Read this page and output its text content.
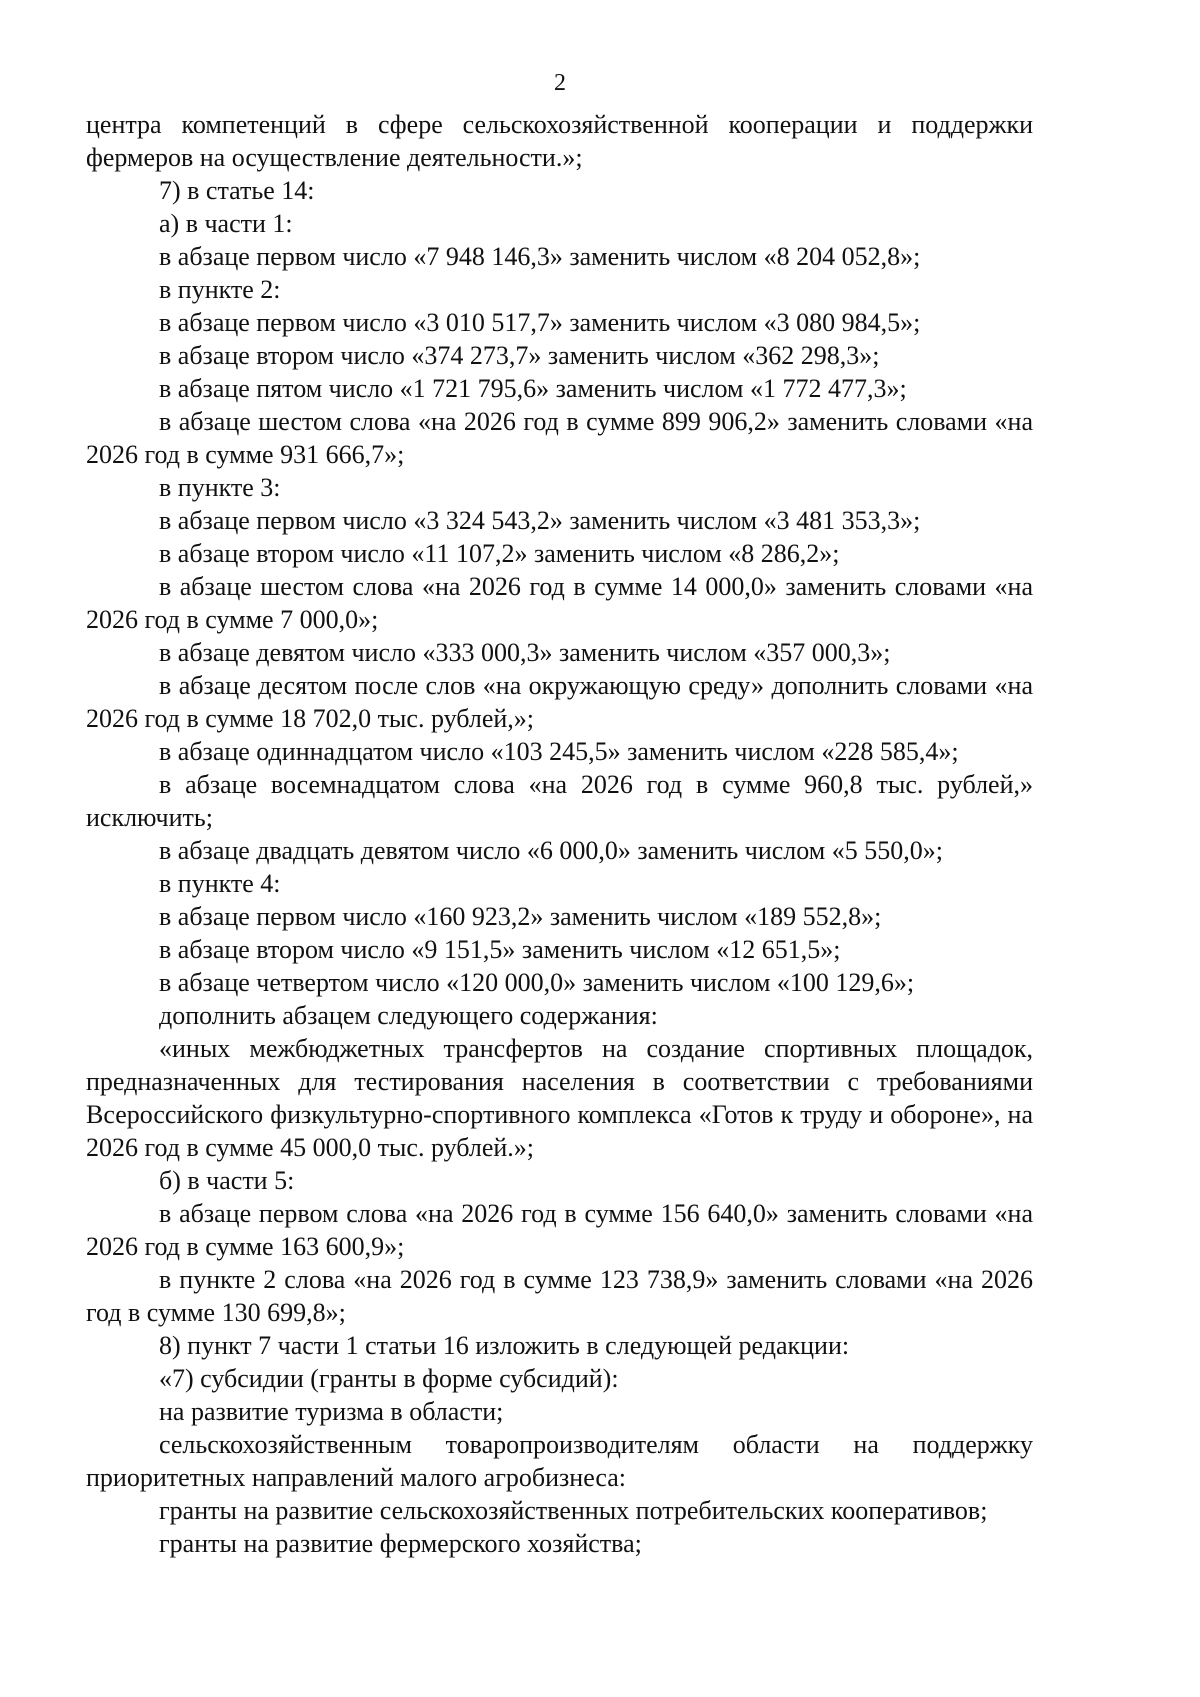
2

центра компетенций в сфере сельскохозяйственной кооперации и поддержки фермеров на осуществление деятельности.»;

7) в статье 14:

а) в части 1:

в абзаце первом число «7 948 146,3» заменить числом «8 204 052,8»;

в пункте 2:

в абзаце первом число «3 010 517,7» заменить числом «3 080 984,5»;

в абзаце втором число «374 273,7» заменить числом «362 298,3»;

в абзаце пятом число «1 721 795,6» заменить числом «1 772 477,3»;

в абзаце шестом слова «на 2026 год в сумме 899 906,2» заменить словами «на 2026 год в сумме 931 666,7»;

в пункте 3:

в абзаце первом число «3 324 543,2» заменить числом «3 481 353,3»;

в абзаце втором число «11 107,2» заменить числом «8 286,2»;

в абзаце шестом слова «на 2026 год в сумме 14 000,0» заменить словами «на 2026 год в сумме 7 000,0»;

в абзаце девятом число «333 000,3» заменить числом «357 000,3»;

в абзаце десятом после слов «на окружающую среду» дополнить словами «на 2026 год в сумме 18 702,0 тыс. рублей,»;

в абзаце одиннадцатом число «103 245,5» заменить числом «228 585,4»;

в абзаце восемнадцатом слова «на 2026 год в сумме 960,8 тыс. рублей,» исключить;

в абзаце двадцать девятом число «6 000,0» заменить числом «5 550,0»;

в пункте 4:

в абзаце первом число «160 923,2» заменить числом «189 552,8»;

в абзаце втором число «9 151,5» заменить числом «12 651,5»;

в абзаце четвертом число «120 000,0» заменить числом «100 129,6»;

дополнить абзацем следующего содержания:

«иных межбюджетных трансфертов на создание спортивных площадок, предназначенных для тестирования населения в соответствии с требованиями Всероссийского физкультурно-спортивного комплекса «Готов к труду и обороне», на 2026 год в сумме 45 000,0 тыс. рублей.»;

б) в части 5:

в абзаце первом слова «на 2026 год в сумме 156 640,0» заменить словами «на 2026 год в сумме 163 600,9»;

в пункте 2 слова «на 2026 год в сумме 123 738,9» заменить словами «на 2026 год в сумме 130 699,8»;

8) пункт 7 части 1 статьи 16 изложить в следующей редакции:

«7) субсидии (гранты в форме субсидий):

на развитие туризма в области;

сельскохозяйственным товаропроизводителям области на поддержку приоритетных направлений малого агробизнеса:

гранты на развитие сельскохозяйственных потребительских кооперативов;

гранты на развитие фермерского хозяйства;
